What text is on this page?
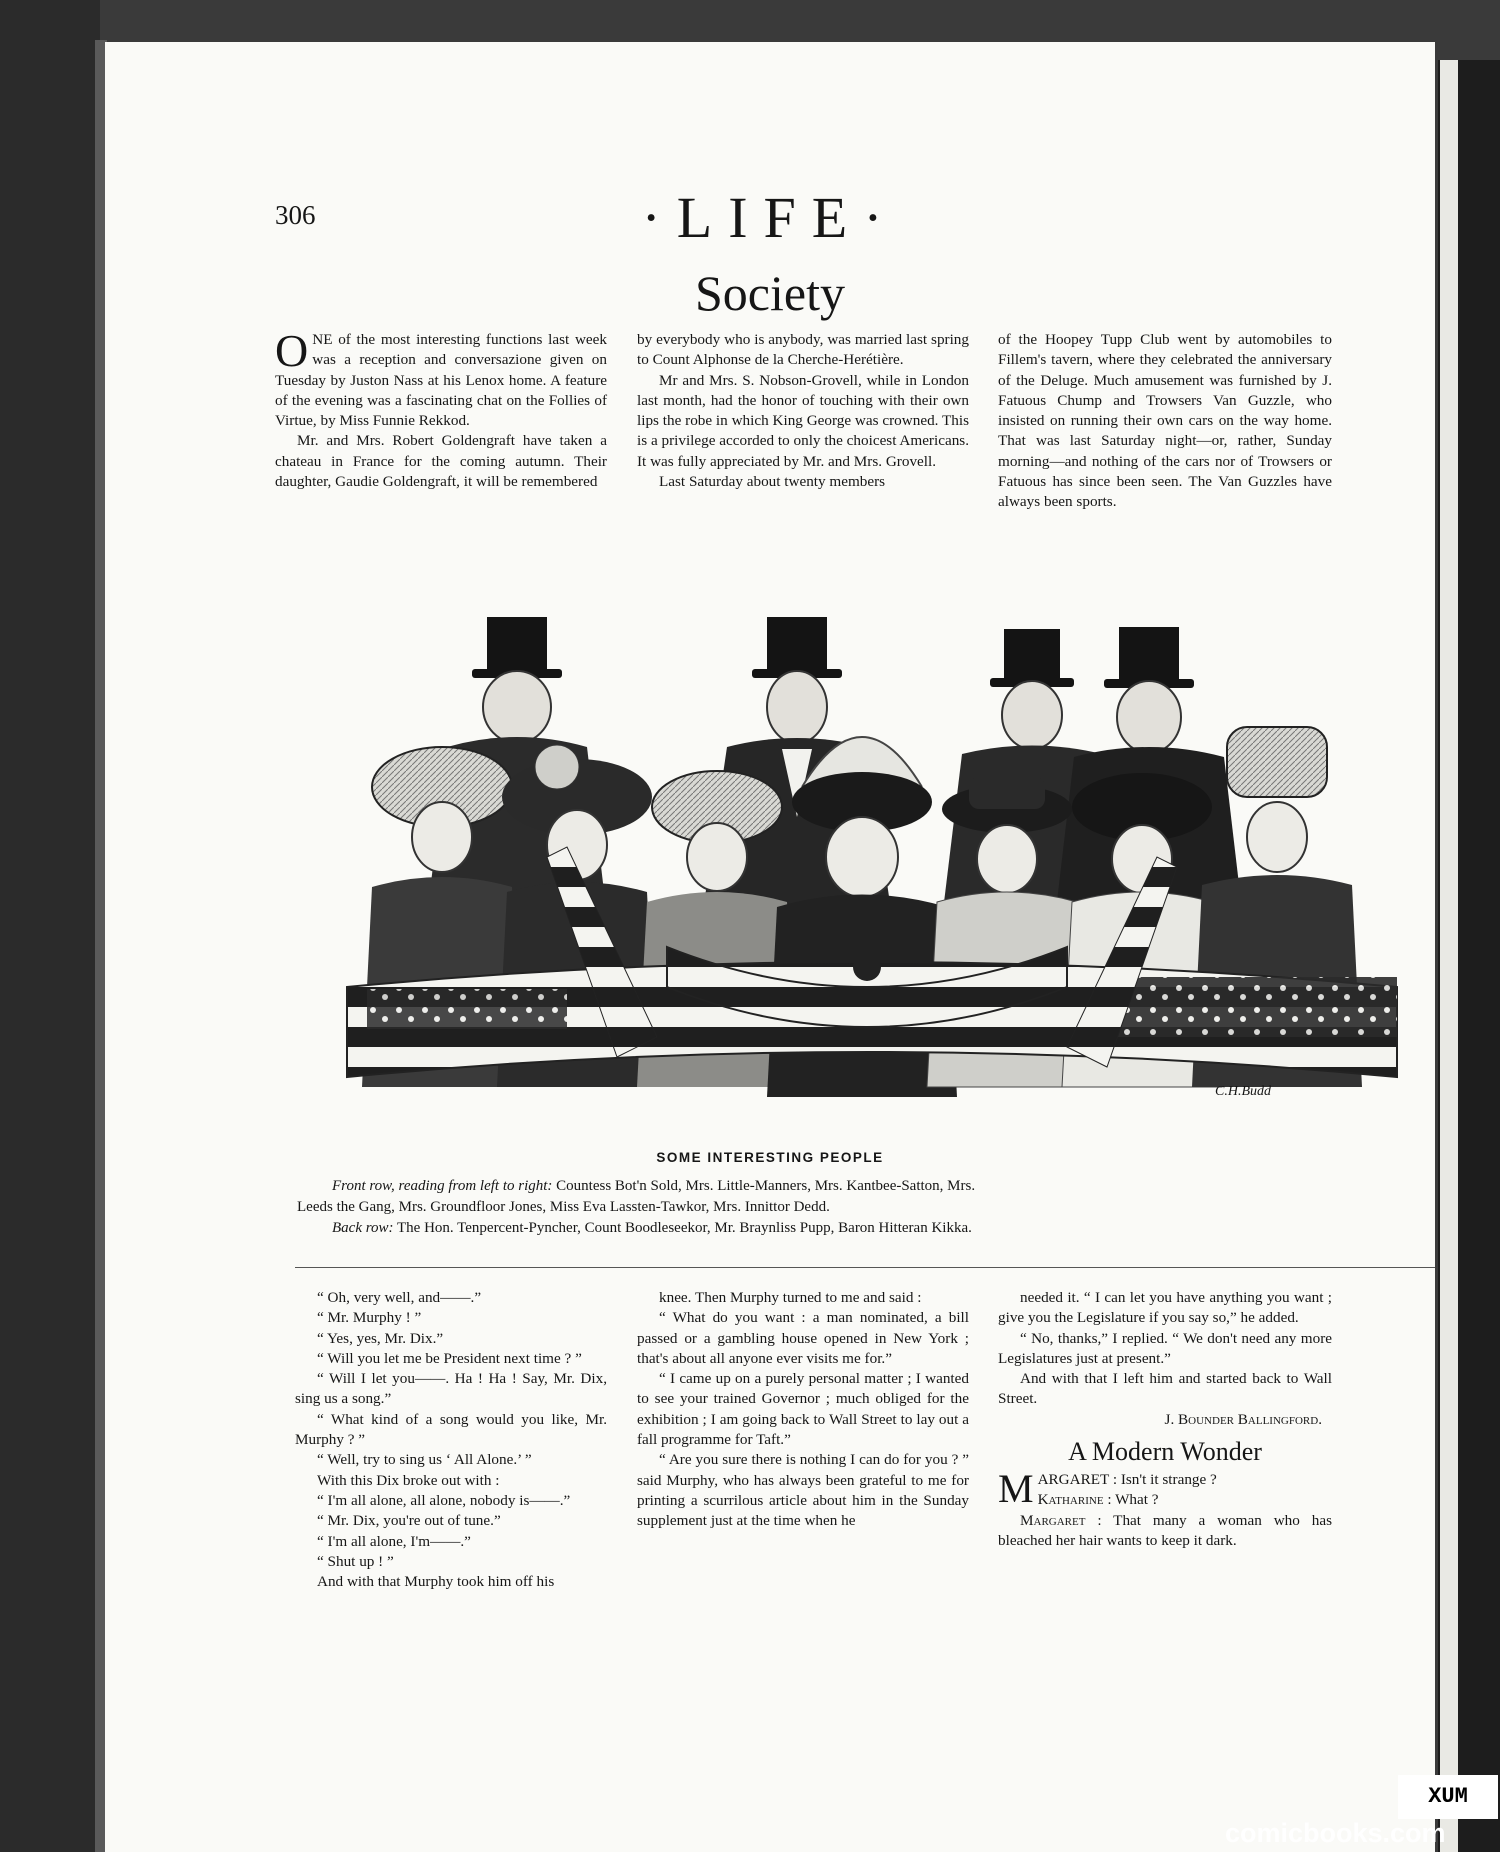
306	·LIFE·
Society

ONE of the most interesting functions last week was a reception and conversazione given on Tuesday by Juston Nass at his Lenox home. A feature of the evening was a fascinating chat on the Follies of Virtue, by Miss Funnie Rekkod.

Mr. and Mrs. Robert Goldengraft have taken a chateau in France for the coming autumn. Their daughter, Gaudie Goldengraft, it will be remembered

by everybody who is anybody, was married last spring to Count Alphonse de la Cherche-Herétière.

Mr and Mrs. S. Nobson-Grovell, while in London last month, had the honor of touching with their own lips the robe in which King George was crowned. This is a privilege accorded to only the choicest Americans. It was fully appreciated by Mr. and Mrs. Grovell.

Last Saturday about twenty members

of the Hoopey Tupp Club went by automobiles to Fillem's tavern, where they celebrated the anniversary of the Deluge. Much amusement was furnished by J. Fatuous Chump and Trowsers Van Guzzle, who insisted on running their own cars on the way home. That was last Saturday night—or, rather, Sunday morning—and nothing of the cars nor of Trowsers or Fatuous has since been seen. The Van Guzzles have always been sports.

C.H.Budd
SOME INTERESTING PEOPLE
Front row, reading from left to right: Countess Bot'n Sold, Mrs. Little-Manners, Mrs. Kantbee-Satton, Mrs.
Leeds the Gang, Mrs. Groundfloor Jones, Miss Eva Lassten-Tawkor, Mrs. Innittor Dedd.
Back row: The Hon. Tenpercent-Pyncher, Count Boodleseekor, Mr. Braynliss Pupp, Baron Hitteran Kikka.

“ Oh, very well, and——.”

“ Mr. Murphy ! ”

“ Yes, yes, Mr. Dix.”

“ Will you let me be President next time ? ”

“ Will I let you——. Ha ! Ha ! Say, Mr. Dix, sing us a song.”

“ What kind of a song would you like, Mr. Murphy ? ”

“ Well, try to sing us ‘ All Alone.’ ”

With this Dix broke out with :

“ I'm all alone, all alone, nobody is——.”

“ Mr. Dix, you're out of tune.”

“ I'm all alone, I'm——.”

“ Shut up ! ”

And with that Murphy took him off his

knee. Then Murphy turned to me and said :

“ What do you want : a man nominated, a bill passed or a gambling house opened in New York ; that's about all anyone ever visits me for.”

“ I came up on a purely personal matter ; I wanted to see your trained Governor ; much obliged for the exhibition ; I am going back to Wall Street to lay out a fall programme for Taft.”

“ Are you sure there is nothing I can do for you ? ” said Murphy, who has always been grateful to me for printing a scurrilous article about him in the Sunday supplement just at the time when he

needed it. “ I can let you have anything you want ; give you the Legislature if you say so,” he added.

“ No, thanks,” I replied. “ We don't need any more Legislatures just at present.”

And with that I left him and started back to Wall Street.

J. Bounder Ballingford.

A Modern Wonder

MARGARET : Isn't it strange ?
Katharine : What ?

Margaret : That many a woman who has bleached her hair wants to keep it dark.

XUM
comicbooks.com
